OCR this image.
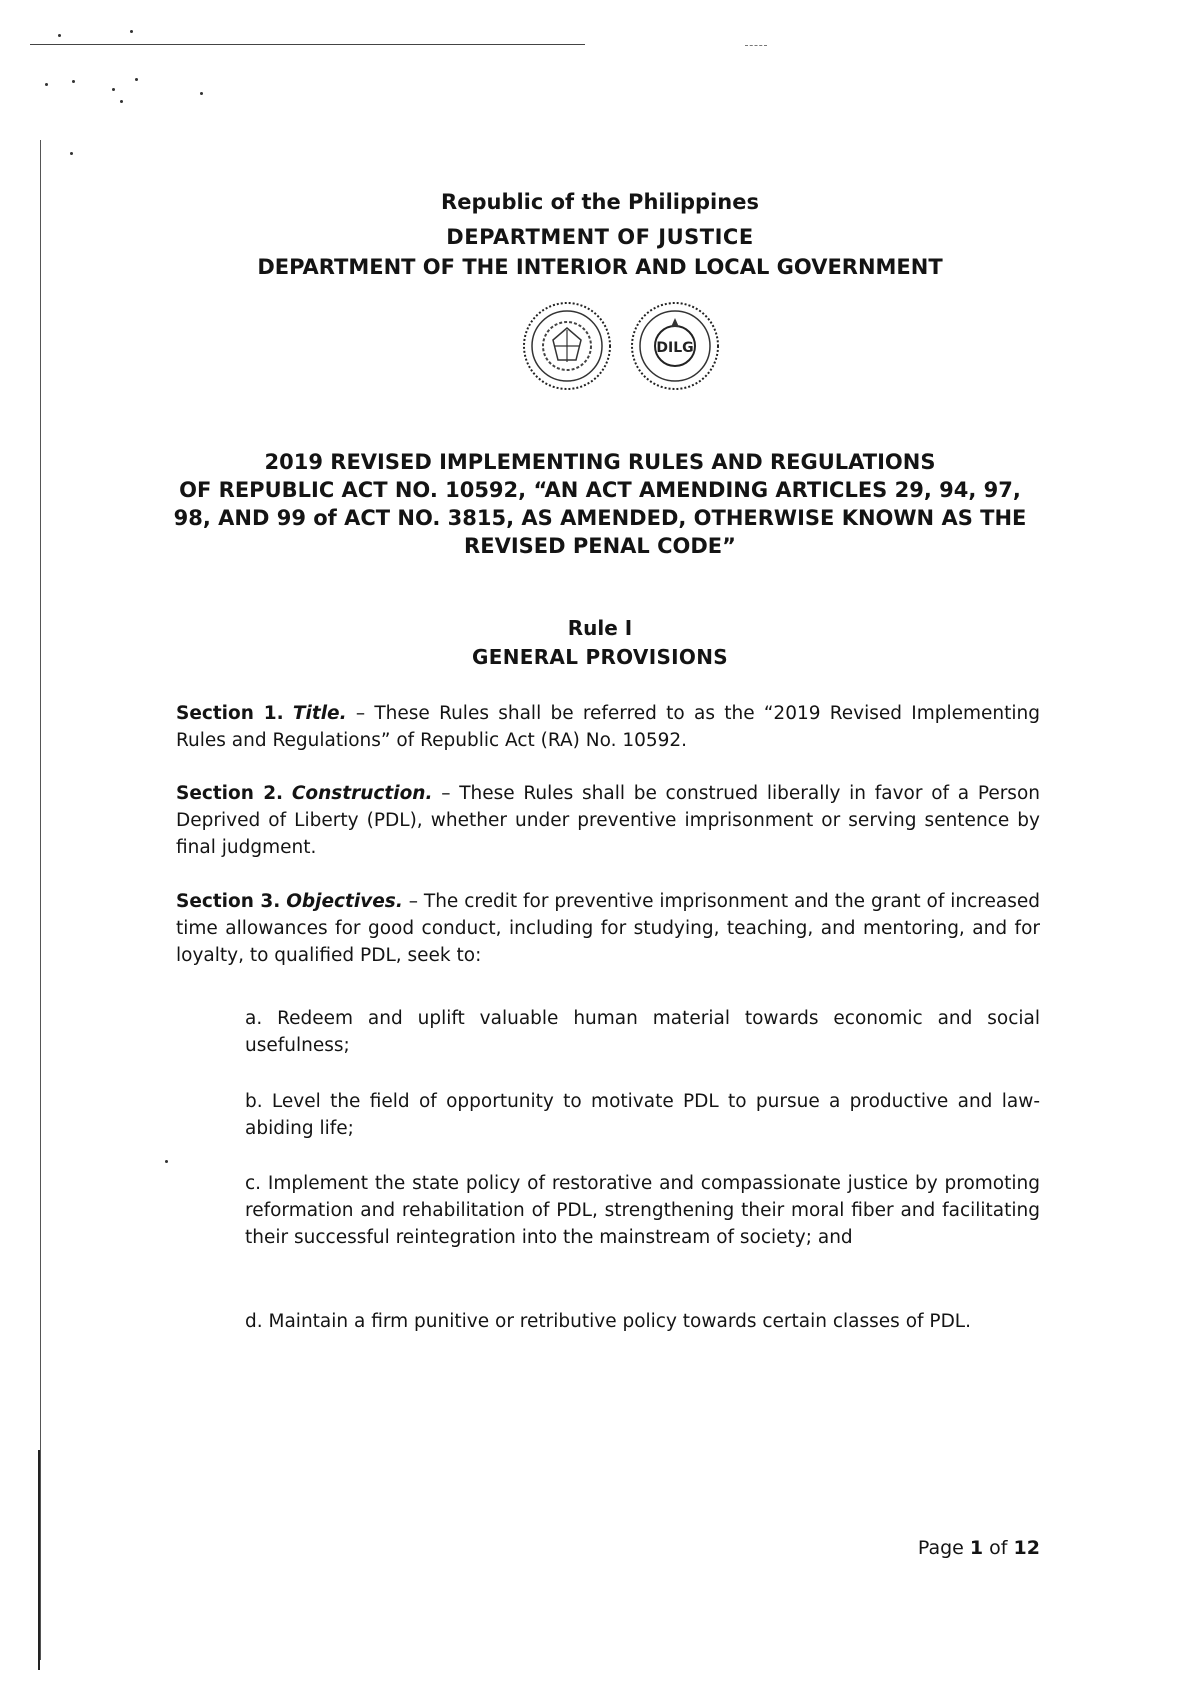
Republic of the Philippines
DEPARTMENT OF JUSTICE
DEPARTMENT OF THE INTERIOR AND LOCAL GOVERNMENT
DILG
2019 REVISED IMPLEMENTING RULES AND REGULATIONS
OF REPUBLIC ACT NO. 10592, “AN ACT AMENDING ARTICLES 29, 94, 97,
98, AND 99 of ACT NO. 3815, AS AMENDED, OTHERWISE KNOWN AS THE
REVISED PENAL CODE”
Rule I
GENERAL PROVISIONS
Section 1. Title. – These Rules shall be referred to as the “2019 Revised Implementing Rules and Regulations” of Republic Act (RA) No. 10592.
Section 2. Construction. – These Rules shall be construed liberally in favor of a Person Deprived of Liberty (PDL), whether under preventive imprisonment or serving sentence by final judgment.
Section 3. Objectives. – The credit for preventive imprisonment and the grant of increased time allowances for good conduct, including for studying, teaching, and mentoring, and for loyalty, to qualified PDL, seek to:
a. Redeem and uplift valuable human material towards economic and social usefulness;
b. Level the field of opportunity to motivate PDL to pursue a productive and law-abiding life;
c. Implement the state policy of restorative and compassionate justice by promoting reformation and rehabilitation of PDL, strengthening their moral fiber and facilitating their successful reintegration into the mainstream of society; and
d. Maintain a firm punitive or retributive policy towards certain classes of PDL.
Page 1 of 12
